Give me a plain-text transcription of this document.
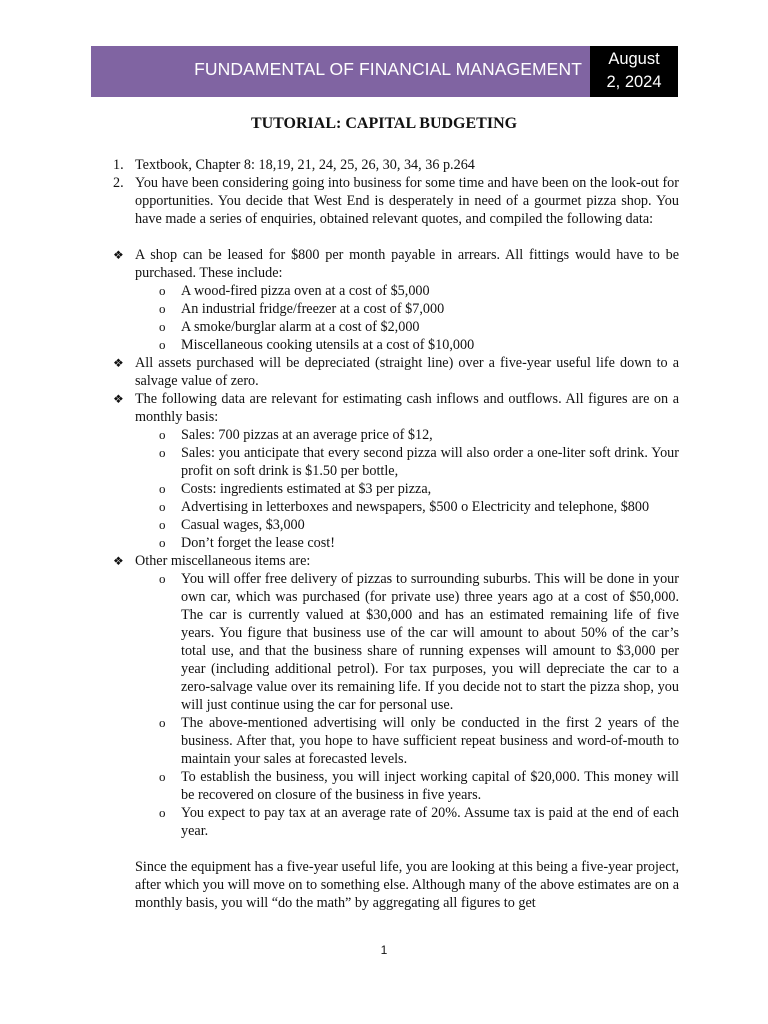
FUNDAMENTAL OF FINANCIAL MANAGEMENT	August
2, 2024
TUTORIAL: CAPITAL BUDGETING
1. Textbook, Chapter 8: 18,19, 21, 24, 25, 26, 30, 34, 36 p.264
2. You have been considering going into business for some time and have been on the look-out for opportunities. You decide that West End is desperately in need of a gourmet pizza shop. You have made a series of enquiries, obtained relevant quotes, and compiled the following data:
❖ A shop can be leased for $800 per month payable in arrears. All fittings would have to be purchased. These include:
o A wood-fired pizza oven at a cost of $5,000
o An industrial fridge/freezer at a cost of $7,000
o A smoke/burglar alarm at a cost of $2,000
o Miscellaneous cooking utensils at a cost of $10,000
❖ All assets purchased will be depreciated (straight line) over a five-year useful life down to a salvage value of zero.
❖ The following data are relevant for estimating cash inflows and outflows. All figures are on a monthly basis:
o Sales: 700 pizzas at an average price of $12,
o Sales: you anticipate that every second pizza will also order a one-liter soft drink. Your profit on soft drink is $1.50 per bottle,
o Costs: ingredients estimated at $3 per pizza,
o Advertising in letterboxes and newspapers, $500 o Electricity and telephone, $800
o Casual wages, $3,000
o Don’t forget the lease cost!
❖ Other miscellaneous items are:
o You will offer free delivery of pizzas to surrounding suburbs. This will be done in your own car, which was purchased (for private use) three years ago at a cost of $50,000. The car is currently valued at $30,000 and has an estimated remaining life of five years. You figure that business use of the car will amount to about 50% of the car’s total use, and that the business share of running expenses will amount to $3,000 per year (including additional petrol). For tax purposes, you will depreciate the car to a zero-salvage value over its remaining life. If you decide not to start the pizza shop, you will just continue using the car for personal use.
o The above-mentioned advertising will only be conducted in the first 2 years of the business. After that, you hope to have sufficient repeat business and word-of-mouth to maintain your sales at forecasted levels.
o To establish the business, you will inject working capital of $20,000. This money will be recovered on closure of the business in five years.
o You expect to pay tax at an average rate of 20%. Assume tax is paid at the end of each year.
Since the equipment has a five-year useful life, you are looking at this being a five-year project, after which you will move on to something else. Although many of the above estimates are on a monthly basis, you will “do the math” by aggregating all figures to get
1
